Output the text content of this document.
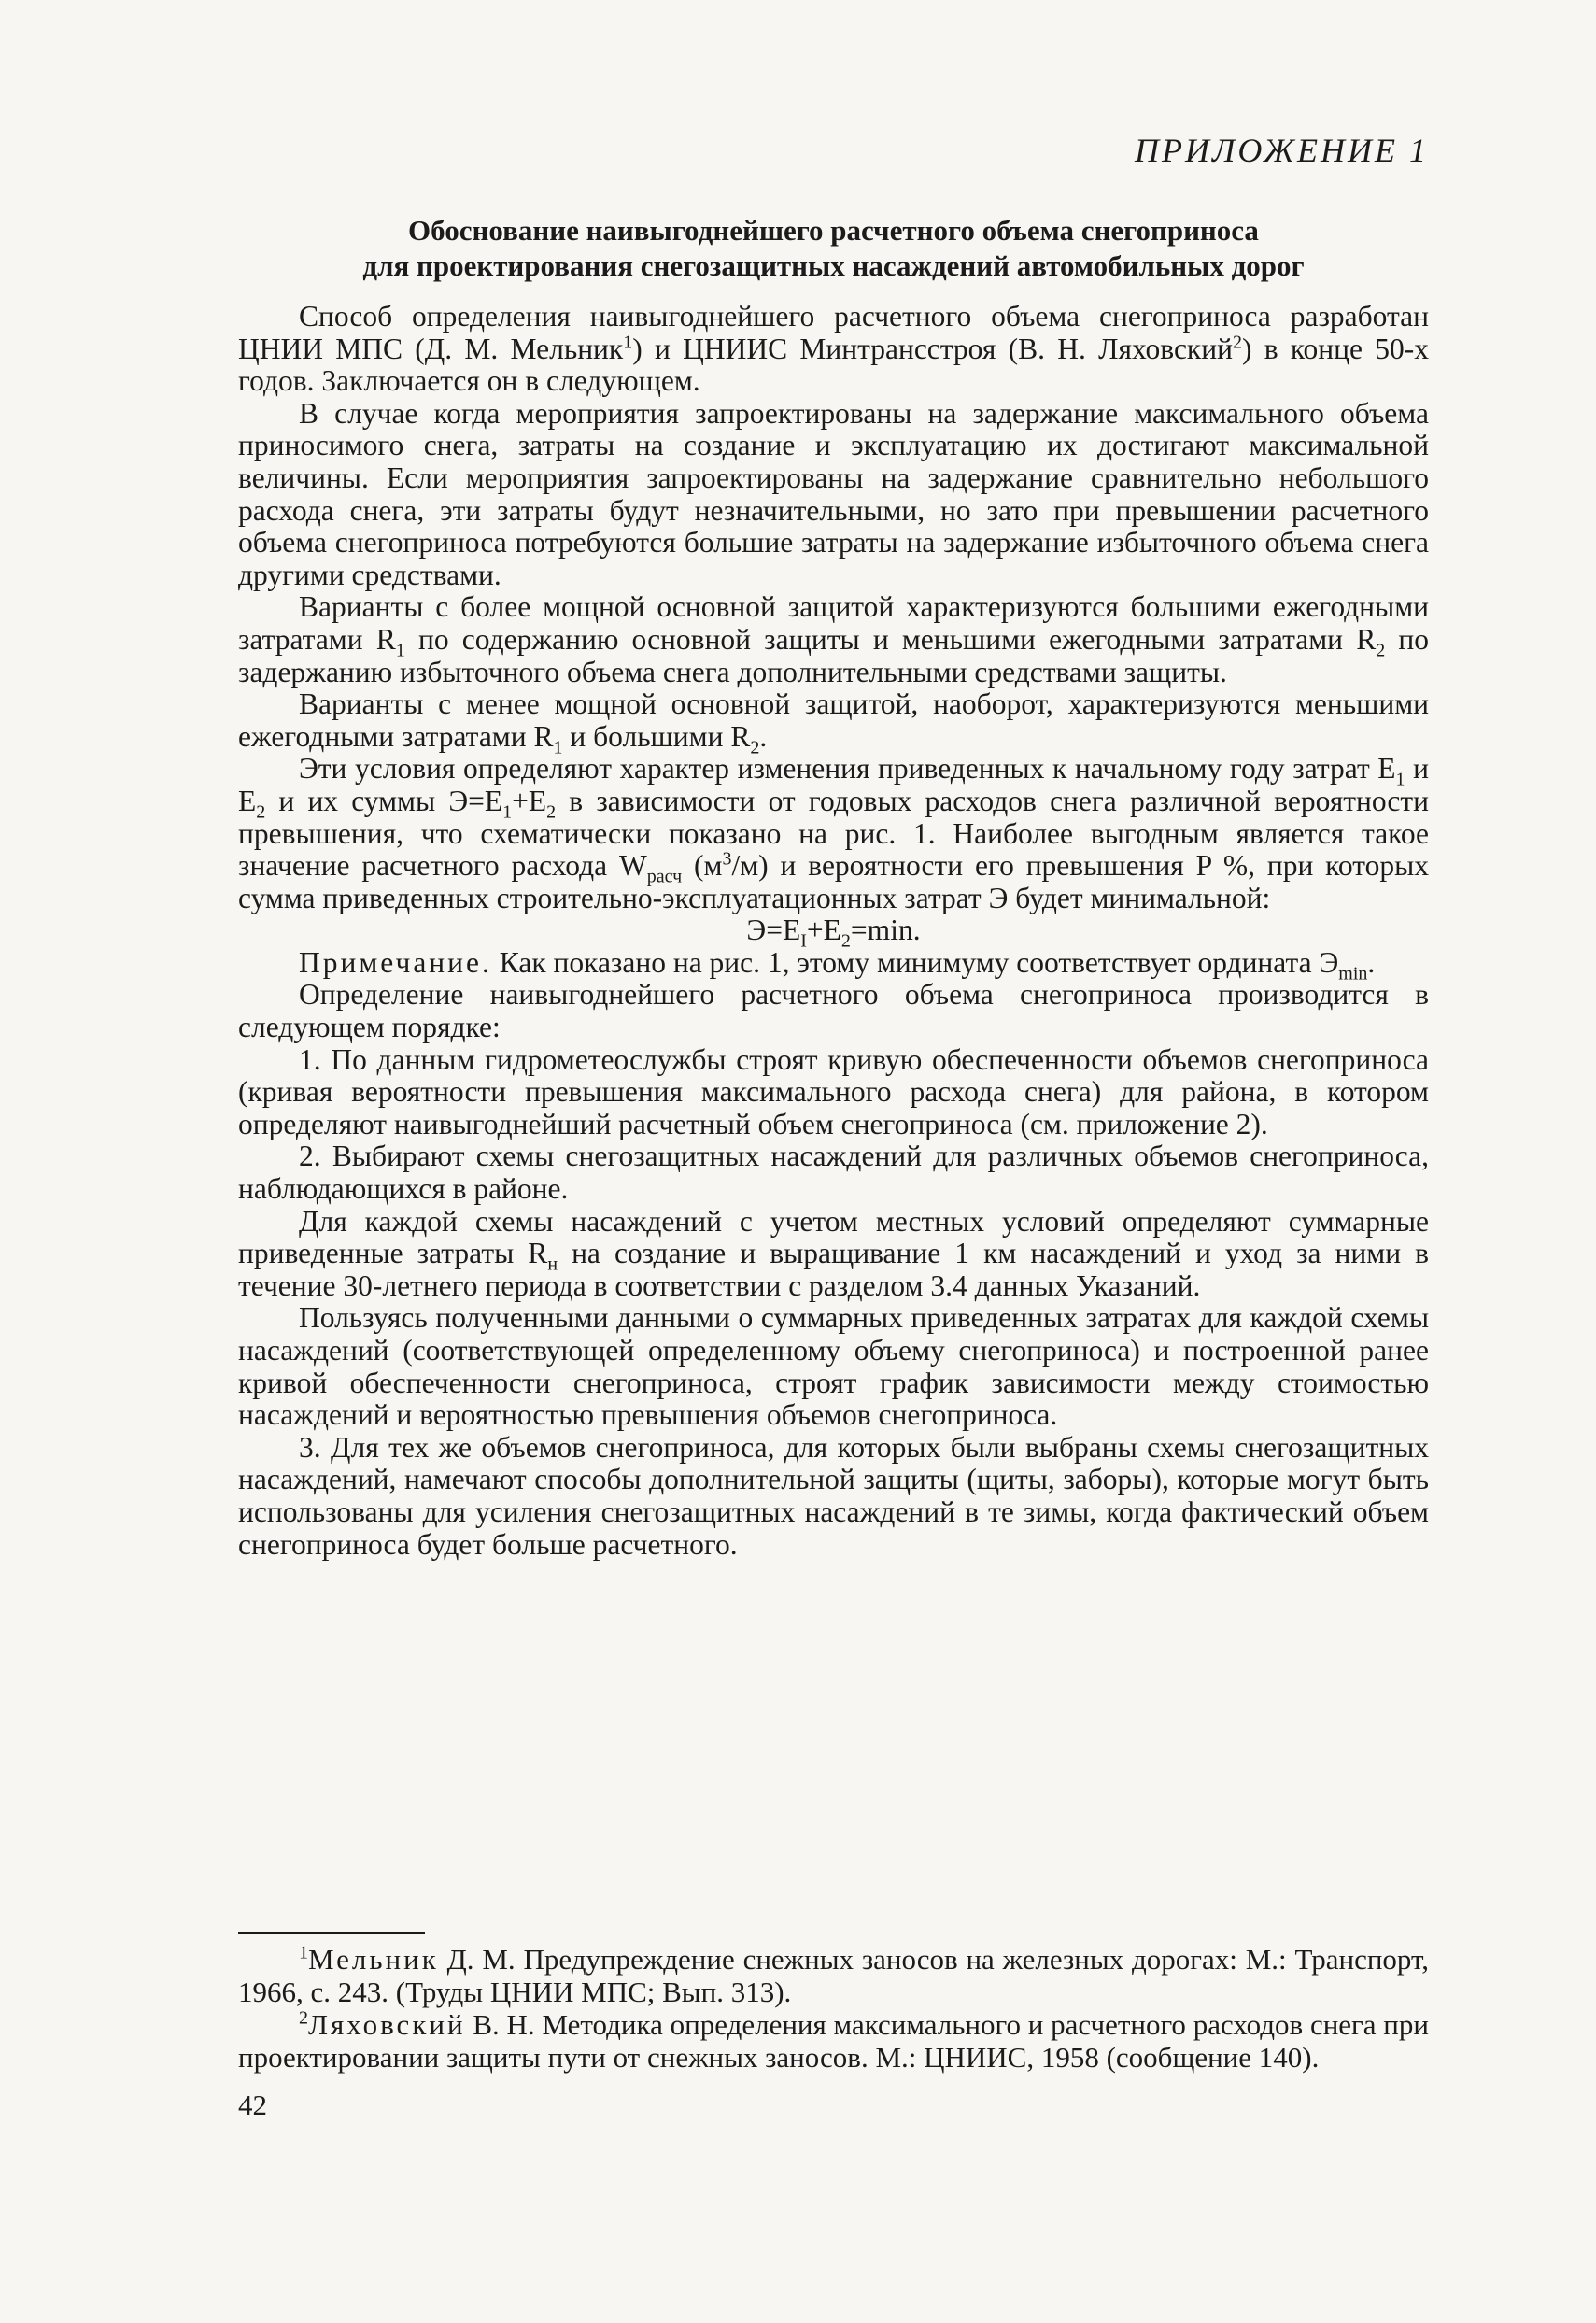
ПРИЛОЖЕНИЕ 1
Обоснование наивыгоднейшего расчетного объема снегоприноса
для проектирования снегозащитных насаждений автомобильных дорог

Способ определения наивыгоднейшего расчетного объема снегоприноса разработан ЦНИИ МПС (Д. М. Мельник$^1$) и ЦНИИС Минтрансстроя (В. Н. Ляховский$^2$) в конце 50-х годов. Заключается он в следующем.

В случае когда мероприятия запроектированы на задержание максимального объема приносимого снега, затраты на создание и эксплуатацию их достигают максимальной величины. Если мероприятия запроектированы на задержание сравнительно небольшого расхода снега, эти затраты будут незначительными, но зато при превышении расчетного объема снегоприноса потребуются большие затраты на задержание избыточного объема снега другими средствами.

Варианты с более мощной основной защитой характеризуются большими ежегодными затратами $R_1$ по содержанию основной защиты и меньшими ежегодными затратами $R_2$ по задержанию избыточного объема снега дополнительными средствами защиты.

Варианты с менее мощной основной защитой, наоборот, характеризуются меньшими ежегодными затратами $R_1$ и большими $R_2$.

Эти условия определяют характер изменения приведенных к начальному году затрат $E_1$ и $E_2$ и их суммы $Э=E_1+E_2$ в зависимости от годовых расходов снега различной вероятности превышения, что схематически показано на рис. 1. Наиболее выгодным является такое значение расчетного расхода $W_{расч}$ $(м^3/м)$ и вероятности его превышения P %, при которых сумма приведенных строительно-эксплуатационных затрат Э будет минимальной:

$Э=E_I+E_2=\min$.

Примечание. Как показано на рис. 1, этому минимуму соответствует ордината $Э_{min}$.

Определение наивыгоднейшего расчетного объема снегоприноса производится в следующем порядке:

1. По данным гидрометеослужбы строят кривую обеспеченности объемов снегоприноса (кривая вероятности превышения максимального расхода снега) для района, в котором определяют наивыгоднейший расчетный объем снегоприноса (см. приложение 2).

2. Выбирают схемы снегозащитных насаждений для различных объемов снегоприноса, наблюдающихся в районе.

Для каждой схемы насаждений с учетом местных условий определяют суммарные приведенные затраты $R_н$ на создание и выращивание 1 км насаждений и уход за ними в течение 30-летнего периода в соответствии с разделом 3.4 данных Указаний.

Пользуясь полученными данными о суммарных приведенных затратах для каждой схемы насаждений (соответствующей определенному объему снегоприноса) и построенной ранее кривой обеспеченности снегоприноса, строят график зависимости между стоимостью насаждений и вероятностью превышения объемов снегоприноса.

3. Для тех же объемов снегоприноса, для которых были выбраны схемы снегозащитных насаждений, намечают способы дополнительной защиты (щиты, заборы), которые могут быть использованы для усиления снегозащитных насаждений в те зимы, когда фактический объем снегоприноса будет больше расчетного.

$^1$Мельник Д. М. Предупреждение снежных заносов на железных дорогах: М.: Транспорт, 1966, с. 243. (Труды ЦНИИ МПС; Вып. 313).

$^2$Ляховский В. Н. Методика определения максимального и расчетного расходов снега при проектировании защиты пути от снежных заносов. М.: ЦНИИС, 1958 (сообщение 140).

42
